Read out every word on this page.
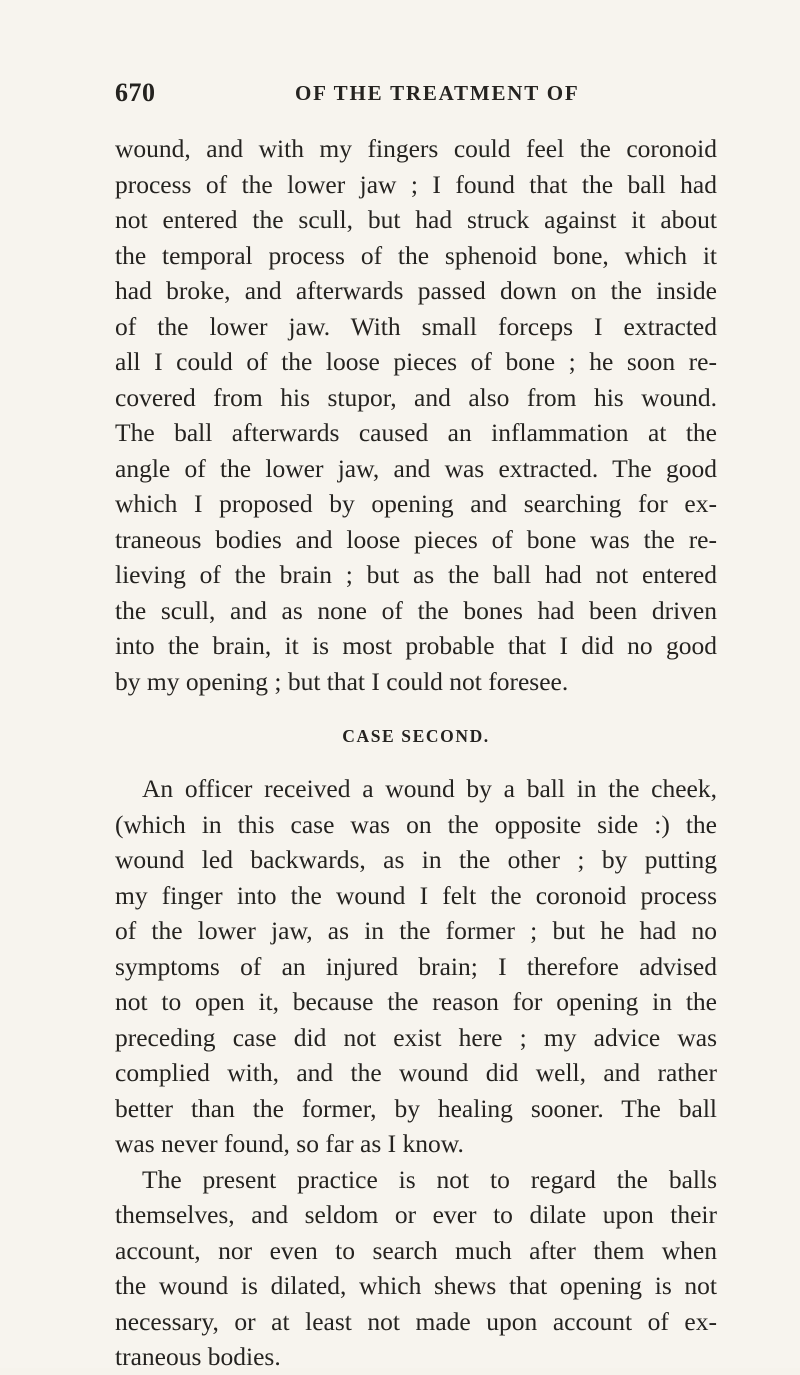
670	OF THE TREATMENT OF
wound, and with my fingers could feel the coronoid
process of the lower jaw ; I found that the ball had
not entered the scull, but had struck against it about
the temporal process of the sphenoid bone, which it
had broke, and afterwards passed down on the inside
of the lower jaw. With small forceps I extracted
all I could of the loose pieces of bone ; he soon re-
covered from his stupor, and also from his wound.
The ball afterwards caused an inflammation at the
angle of the lower jaw, and was extracted. The good
which I proposed by opening and searching for ex-
traneous bodies and loose pieces of bone was the re-
lieving of the brain ; but as the ball had not entered
the scull, and as none of the bones had been driven
into the brain, it is most probable that I did no good
by my opening ; but that I could not foresee.
CASE SECOND.
An officer received a wound by a ball in the cheek,
(which in this case was on the opposite side :) the
wound led backwards, as in the other ; by putting
my finger into the wound I felt the coronoid process
of the lower jaw, as in the former ; but he had no
symptoms of an injured brain; I therefore advised
not to open it, because the reason for opening in the
preceding case did not exist here ; my advice was
complied with, and the wound did well, and rather
better than the former, by healing sooner. The ball
was never found, so far as I know.
The present practice is not to regard the balls
themselves, and seldom or ever to dilate upon their
account, nor even to search much after them when
the wound is dilated, which shews that opening is not
necessary, or at least not made upon account of ex-
traneous bodies.
